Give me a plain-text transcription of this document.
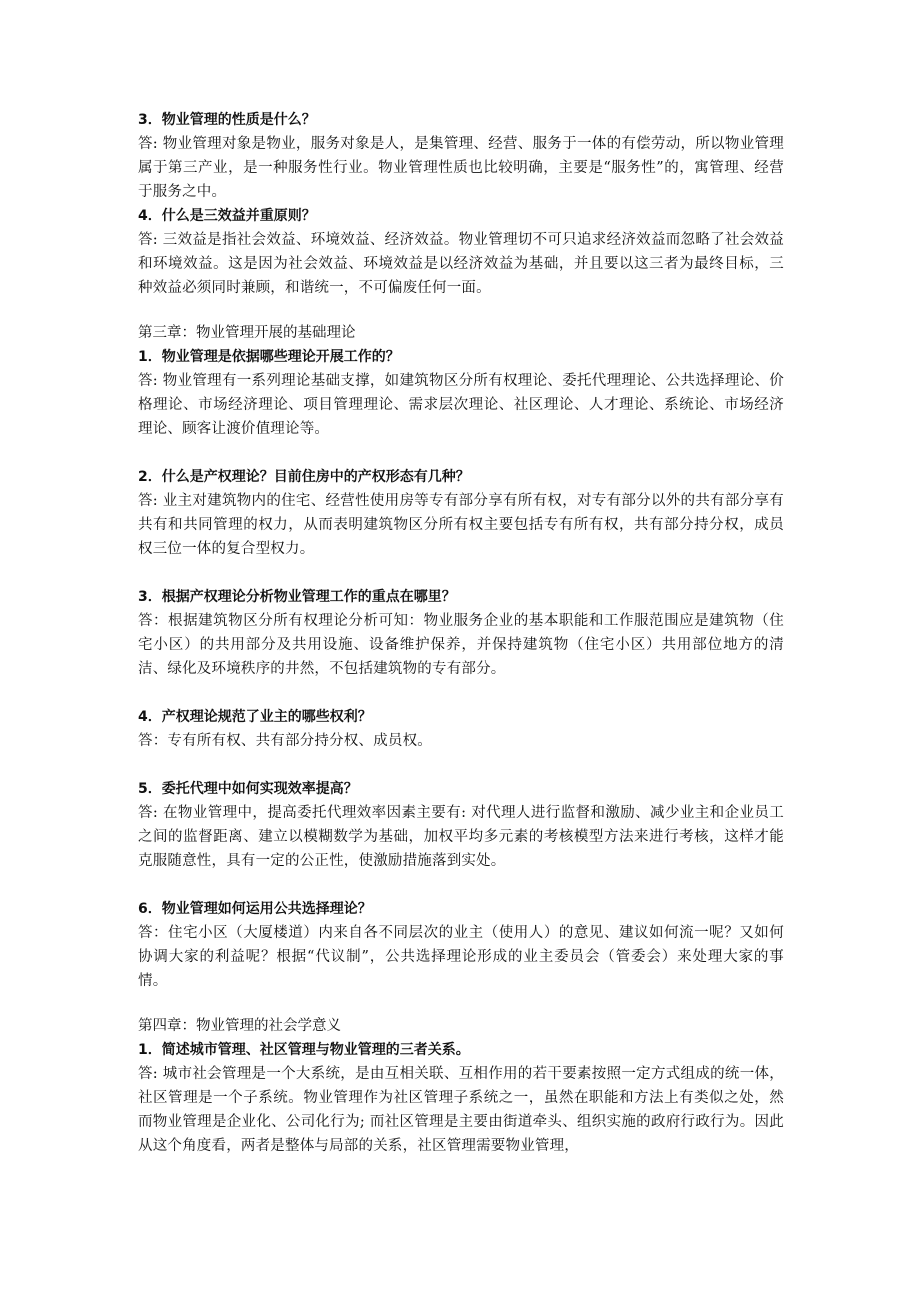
3．物业管理的性质是什么？

答: 物业管理对象是物业，服务对象是人，是集管理、经营、服务于一体的有偿劳动，所以物业管理属于第三产业，是一种服务性行业。物业管理性质也比较明确，主要是“服务性”的，寓管理、经营于服务之中。

4．什么是三效益并重原则？

答: 三效益是指社会效益、环境效益、经济效益。物业管理切不可只追求经济效益而忽略了社会效益和环境效益。这是因为社会效益、环境效益是以经济效益为基础，并且要以这三者为最终目标，三种效益必须同时兼顾，和谐统一，不可偏废任何一面。

第三章：物业管理开展的基础理论

1．物业管理是依据哪些理论开展工作的？

答: 物业管理有一系列理论基础支撑，如建筑物区分所有权理论、委托代理理论、公共选择理论、价格理论、市场经济理论、项目管理理论、需求层次理论、社区理论、人才理论、系统论、市场经济理论、顾客让渡价值理论等。

2．什么是产权理论？目前住房中的产权形态有几种？

答: 业主对建筑物内的住宅、经营性使用房等专有部分享有所有权，对专有部分以外的共有部分享有共有和共同管理的权力，从而表明建筑物区分所有权主要包括专有所有权，共有部分持分权，成员权三位一体的复合型权力。

3．根据产权理论分析物业管理工作的重点在哪里？

答：根据建筑物区分所有权理论分析可知：物业服务企业的基本职能和工作服范围应是建筑物（住宅小区）的共用部分及共用设施、设备维护保养，并保持建筑物（住宅小区）共用部位地方的清洁、绿化及环境秩序的井然，不包括建筑物的专有部分。

4．产权理论规范了业主的哪些权利？

答：专有所有权、共有部分持分权、成员权。

5．委托代理中如何实现效率提高？

答: 在物业管理中，提高委托代理效率因素主要有: 对代理人进行监督和激励、减少业主和企业员工之间的监督距离、建立以模糊数学为基础，加权平均多元素的考核模型方法来进行考核，这样才能克服随意性，具有一定的公正性，使激励措施落到实处。

6．物业管理如何运用公共选择理论？

答：住宅小区（大厦楼道）内来自各不同层次的业主（使用人）的意见、建议如何流一呢？又如何协调大家的利益呢？根据“代议制”，公共选择理论形成的业主委员会（管委会）来处理大家的事情。

第四章：物业管理的社会学意义

1．简述城市管理、社区管理与物业管理的三者关系。

答: 城市社会管理是一个大系统，是由互相关联、互相作用的若干要素按照一定方式组成的统一体，社区管理是一个子系统。物业管理作为社区管理子系统之一，虽然在职能和方法上有类似之处，然而物业管理是企业化、公司化行为; 而社区管理是主要由街道牵头、组织实施的政府行政行为。因此从这个角度看，两者是整体与局部的关系，社区管理需要物业管理，
